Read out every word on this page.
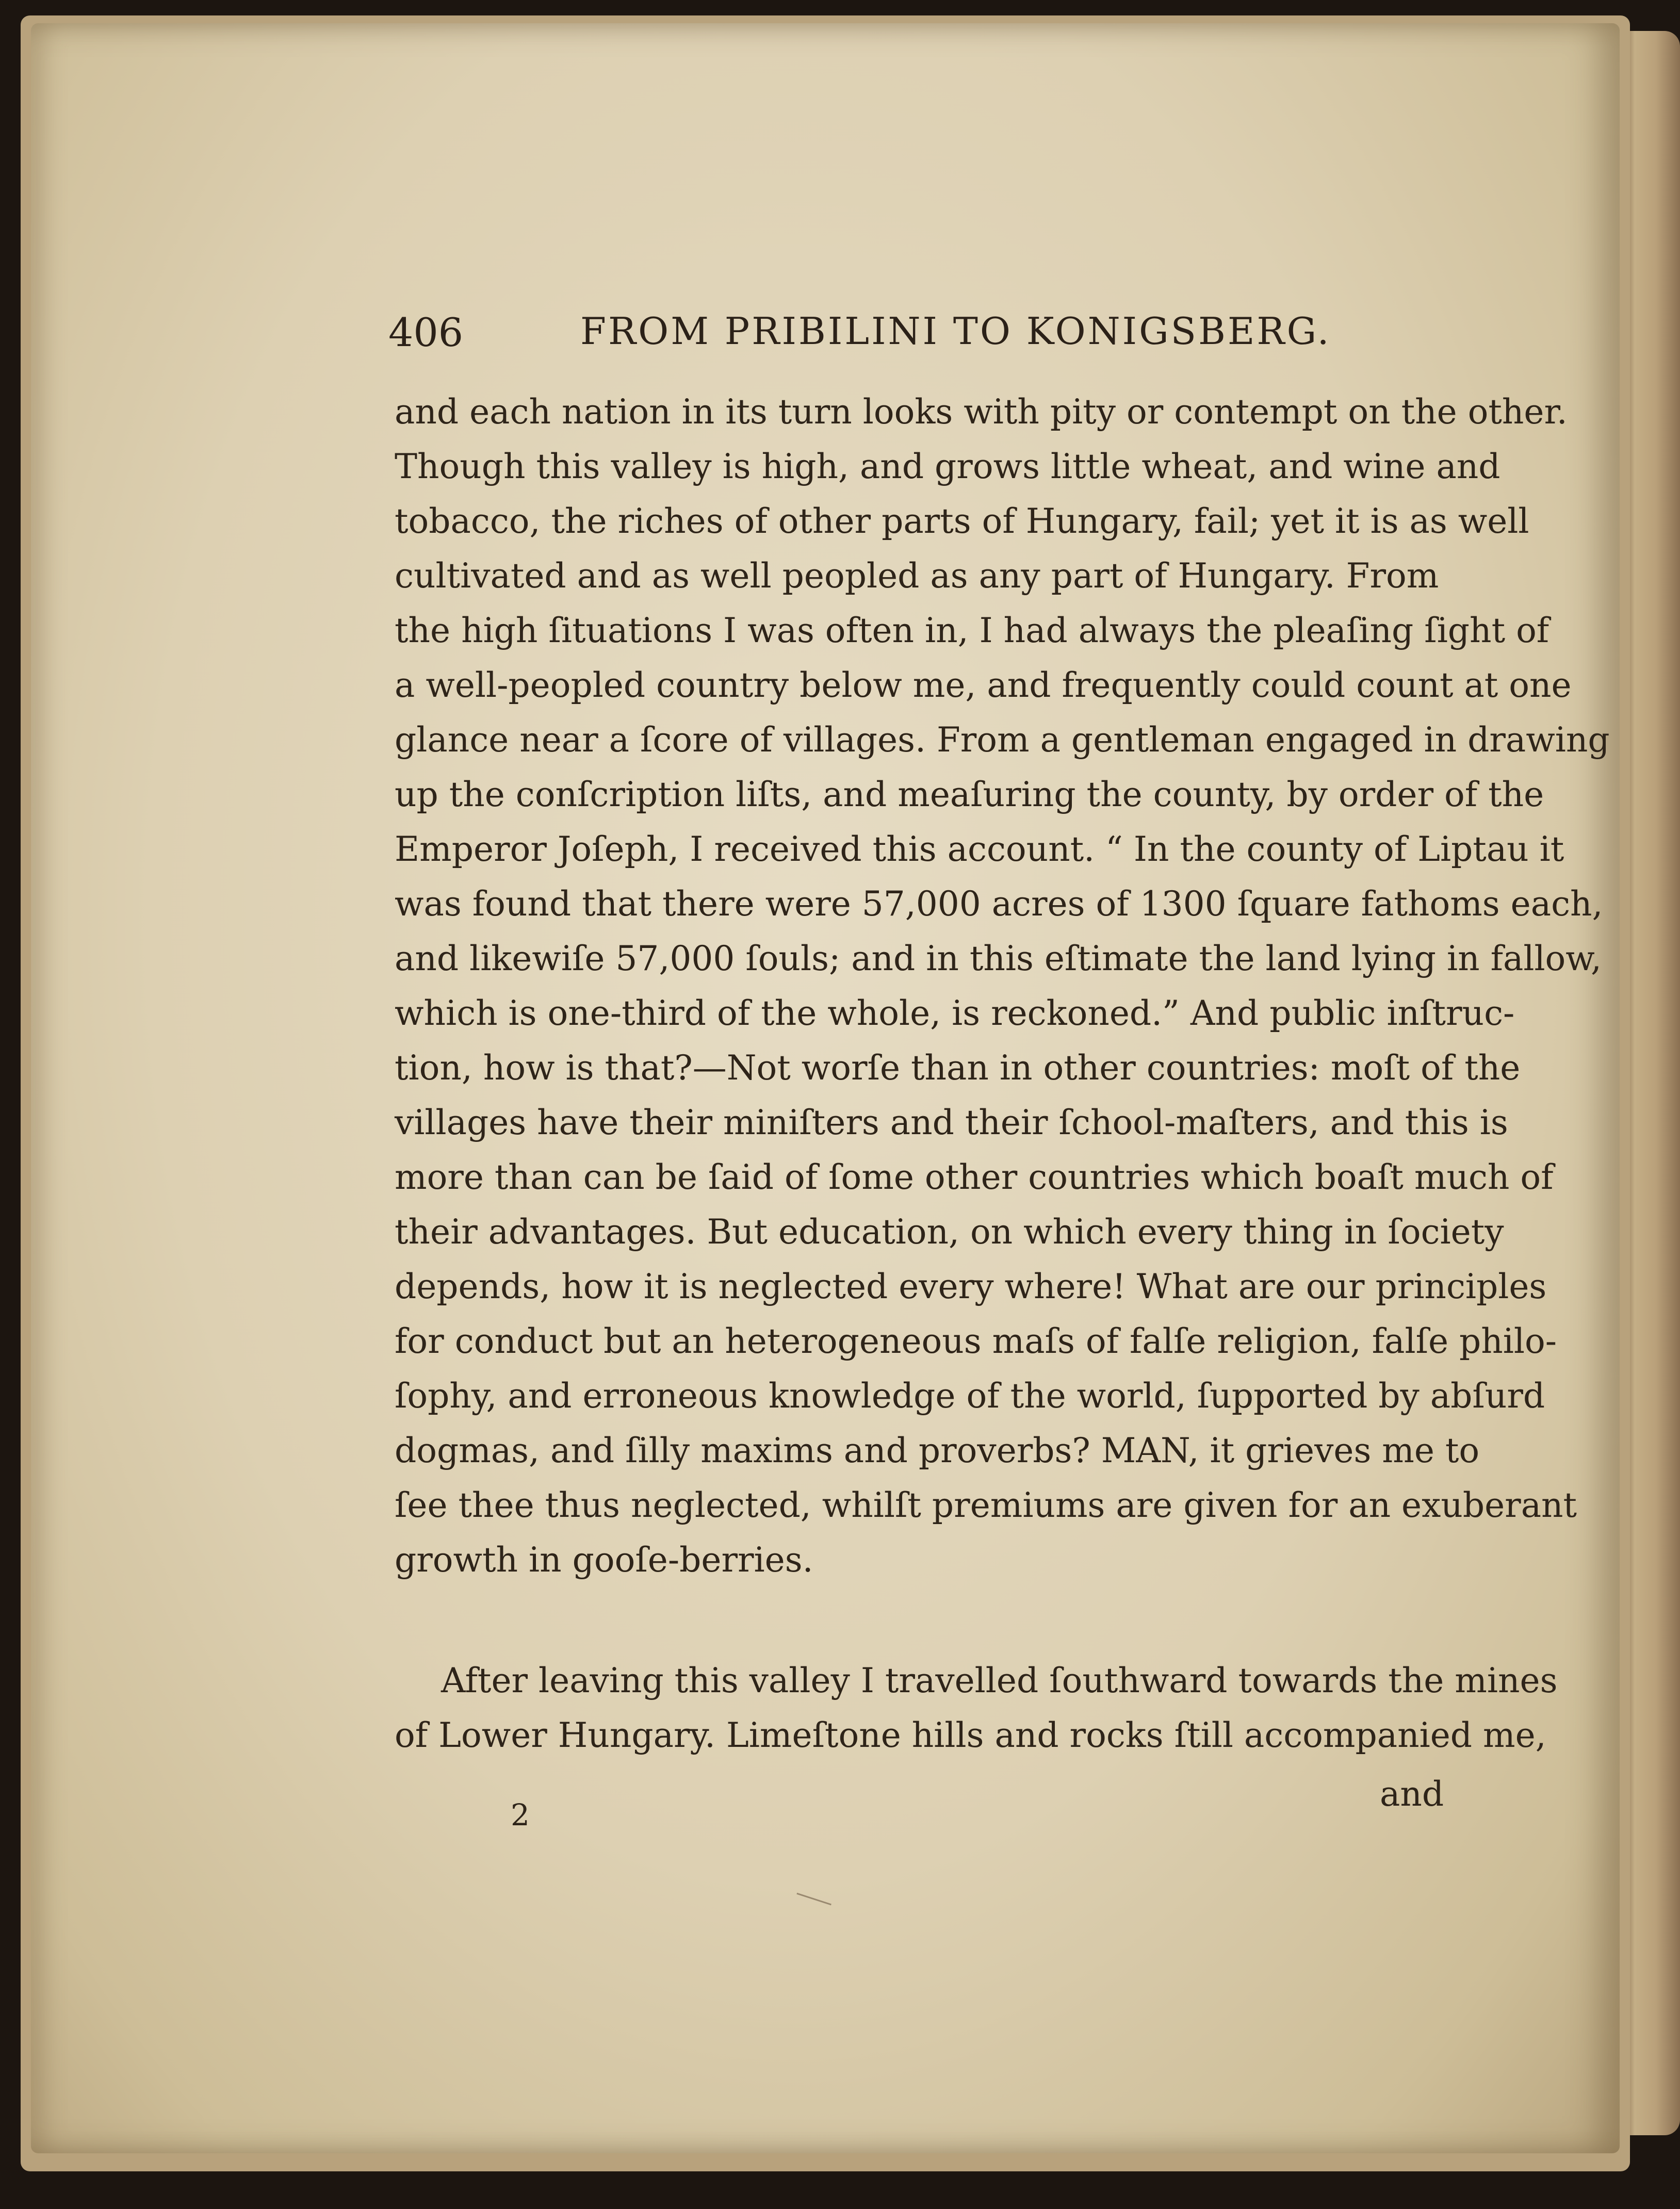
406	FROM PRIBILINI TO KONIGSBERG.
and each nation in its turn looks with pity or contempt on the other.
Though this valley is high, and grows little wheat, and wine and
tobacco, the riches of other parts of Hungary, fail; yet it is as well
cultivated and as well peopled as any part of Hungary. From
the high ſituations I was often in, I had always the pleaſing ſight of
a well-peopled country below me, and frequently could count at one
glance near a ſcore of villages. From a gentleman engaged in drawing
up the conſcription liſts, and meaſuring the county, by order of the
Emperor Joſeph, I received this account. “ In the county of Liptau it
was found that there were 57,000 acres of 1300 ſquare fathoms each,
and likewiſe 57,000 ſouls; and in this eſtimate the land lying in fallow,
which is one-third of the whole, is reckoned.” And public inſtruc-
tion, how is that?—Not worſe than in other countries: moſt of the
villages have their miniſters and their ſchool-maſters, and this is
more than can be ſaid of ſome other countries which boaſt much of
their advantages. But education, on which every thing in ſociety
depends, how it is neglected every where! What are our principles
for conduct but an heterogeneous maſs of falſe religion, falſe philo-
ſophy, and erroneous knowledge of the world, ſupported by abſurd
dogmas, and ſilly maxims and proverbs? MAN, it grieves me to
ſee thee thus neglected, whilſt premiums are given for an exuberant
growth in gooſe-berries.
After leaving this valley I travelled ſouthward towards the mines
of Lower Hungary. Limeſtone hills and rocks ſtill accompanied me,
and
2
